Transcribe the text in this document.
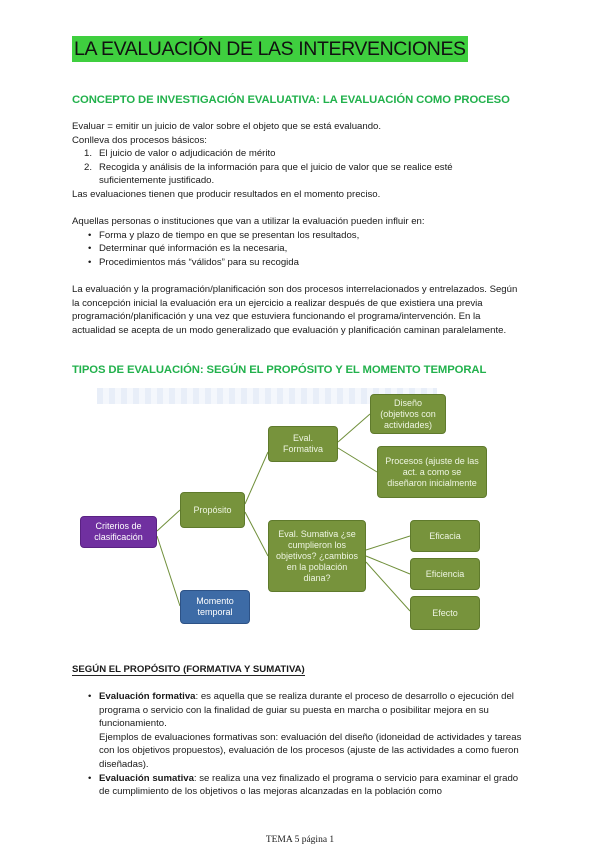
LA EVALUACIÓN DE LAS INTERVENCIONES
CONCEPTO DE INVESTIGACIÓN EVALUATIVA: LA EVALUACIÓN COMO PROCESO
Evaluar = emitir un juicio de valor sobre el objeto que se está evaluando.
Conlleva dos procesos básicos:
1. El juicio de valor o adjudicación de mérito
2. Recogida y análisis de la información para que el juicio de valor que se realice esté suficientemente justificado.
Las evaluaciones tienen que producir resultados en el momento preciso.
Aquellas personas o instituciones que van a utilizar la evaluación pueden influir en:
• Forma y plazo de tiempo en que se presentan los resultados,
• Determinar qué información es la necesaria,
• Procedimientos más “válidos” para su recogida
La evaluación y la programación/planificación son dos procesos interrelacionados y entrelazados. Según la concepción inicial la evaluación era un ejercicio a realizar después de que existiera una previa programación/planificación y una vez que estuviera funcionando el programa/intervención. En la actualidad se acepta de un modo generalizado que evaluación y planificación caminan paralelamente.
TIPOS DE EVALUACIÓN: SEGÚN EL PROPÓSITO Y EL MOMENTO TEMPORAL
Criterios de clasificación
Propósito
Momento temporal
Eval. Formativa
Eval. Sumativa ¿se cumplieron los objetivos? ¿cambios en la población diana?
Diseño (objetivos con actividades)
Procesos (ajuste de las act. a como se diseñaron inicialmente
Eficacia
Eficiencia
Efecto
SEGÚN EL PROPÓSITO (FORMATIVA Y SUMATIVA)
• Evaluación formativa: es aquella que se realiza durante el proceso de desarrollo o ejecución del programa o servicio con la finalidad de guiar su puesta en marcha o posibilitar mejora en su funcionamiento.
Ejemplos de evaluaciones formativas son: evaluación del diseño (idoneidad de actividades y tareas con los objetivos propuestos), evaluación de los procesos (ajuste de las actividades a como fueron diseñadas).
• Evaluación sumativa: se realiza una vez finalizado el programa o servicio para examinar el grado de cumplimiento de los objetivos o las mejoras alcanzadas en la población como
TEMA 5 página 1
